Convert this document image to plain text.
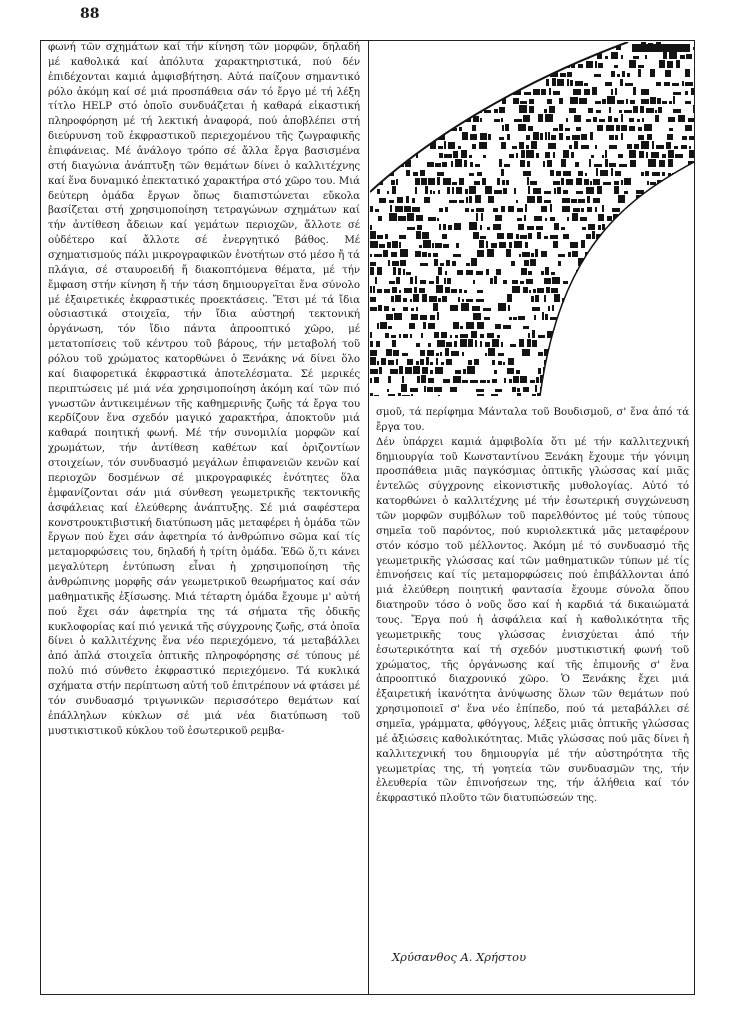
88

φωνή τῶν σχημάτων καί τήν κίνηση τῶν μορφῶν, δηλαδή μέ καθολικά καί ἀπόλυτα χαρακτηριστικά, πού δέν ἐπιδέχονται καμιά ἀμφισβήτηση. Αὐτά παίζουν σημαντικό ρόλο ἀκόμη καί σέ μιά προσπάθεια σάν τό ἔργο μέ τή λέξη τίτλο HELP στό ὁποῖο συνδυάζεται ἡ καθαρά εἰκαστική πληροφόρηση μέ τή λεκτική ἀναφορά, πού ἀποβλέπει στή διεύρυνση τοῦ ἐκφραστικοῦ περιεχομένου τῆς ζωγραφικῆς ἐπιφάνειας. Μέ ἀνάλογο τρόπο σέ ἄλλα ἔργα βασισμένα στή διαγώνια ἀνάπτυξη τῶν θεμάτων δίνει ὁ καλλιτέχνης καί ἕνα δυναμικό ἐπεκτατικό χαρακτήρα στό χῶρο του. Μιά δεύτερη ὁμάδα ἔργων ὅπως διαπιστώνεται εὔκολα βασίζεται στή χρησιμοποίηση τετραγώνων σχημάτων καί τήν ἀντίθεση ἄδειων καί γεμάτων περιοχῶν, ἄλλοτε σέ οὐδέτερο καί ἄλλοτε σέ ἐνεργητικό βάθος. Μέ σχηματισμούς πάλι μικρογραφικῶν ἑνοτήτων στό μέσο ἤ τά πλάγια, σέ σταυροειδή ἤ διακοπτόμενα θέματα, μέ τήν ἔμφαση στήν κίνηση ἤ τήν τάση δημιουργεῖται ἕνα σύνολο μέ ἐξαιρετικές ἐκφραστικές προεκτάσεις. Ἔτσι μέ τά ἴδια οὐσιαστικά στοιχεῖα, τήν ἴδια αὐστηρή τεκτονική ὀργάνωση, τόν ἴδιο πάντα ἀπροοπτικό χῶρο, μέ μετατοπίσεις τοῦ κέντρου τοῦ βάρους, τήν μεταβολή τοῦ ρόλου τοῦ χρώματος κατορθώνει ὁ Ξενάκης νά δίνει ὅλο καί διαφορετικά ἐκφραστικά ἀποτελέσματα. Σέ μερικές περιπτώσεις μέ μιά νέα χρησιμοποίηση ἀκόμη καί τῶν πιό γνωστῶν ἀντικειμένων τῆς καθημερινῆς ζωῆς τά ἔργα του κερδίζουν ἕνα σχεδόν μαγικό χαρακτήρα, ἀποκτοῦν μιά καθαρά ποιητική φωνή. Μέ τήν συνομιλία μορφῶν καί χρωμάτων, τήν ἀντίθεση καθέτων καί ὁριζοντίων στοιχείων, τόν συνδυασμό μεγάλων ἐπιφανειῶν κενῶν καί περιοχῶν δοσμένων σέ μικρογραφικές ἑνότητες ὅλα ἐμφανίζονται σάν μιά σύνθεση γεωμετρικῆς τεκτονικῆς ἀσφάλειας καί ἐλεύθερης ἀνάπτυξης. Σέ μιά σαφέστερα κονστρουκτιβιστική διατύπωση μᾶς μεταφέρει ἡ ὁμάδα τῶν ἔργων πού ἔχει σάν ἀφετηρία τό ἀνθρώπινο σῶμα καί τίς μεταμορφώσεις του, δηλαδή ἡ τρίτη ὁμάδα. Ἐδῶ ὅ,τι κάνει μεγαλύτερη ἐντύπωση εἶναι ἡ χρησιμοποίηση τῆς ἀνθρώπινης μορφῆς σάν γεωμετρικοῦ θεωρήματος καί σάν μαθηματικῆς ἐξίσωσης. Μιά τέταρτη ὁμάδα ἔχουμε μ' αὐτή πού ἔχει σάν ἀφετηρία της τά σήματα τῆς ὁδικῆς κυκλοφορίας καί πιό γενικά τῆς σύγχρονης ζωῆς, στά ὁποῖα δίνει ὁ καλλιτέχνης ἕνα νέο περιεχόμενο, τά μεταβάλλει ἀπό ἁπλά στοιχεῖα ὀπτικῆς πληροφόρησης σέ τύπους μέ πολύ πιό σύνθετο ἐκφραστικό περιεχόμενο. Τά κυκλικά σχήματα στήν περίπτωση αὐτή τοῦ ἐπιτρέπουν νά φτάσει μέ τόν συνδυασμό τριγωνικῶν περισσότερο θεμάτων καί ἐπάλληλων κύκλων σέ μιά νέα διατύπωση τοῦ μυστικιστικοῦ κύκλου τοῦ ἐσωτερικοῦ ρεμβα-

σμοῦ, τά περίφημα Μάνταλα τοῦ Βουδισμοῦ, σ' ἕνα ἀπό τά ἔργα του.

Δέν ὑπάρχει καμιά ἀμφιβολία ὅτι μέ τήν καλλιτεχνική δημιουργία τοῦ Κωνσταντίνου Ξενάκη ἔχουμε τήν γόνιμη προσπάθεια μιᾶς παγκόσμιας ὀπτικῆς γλώσσας καί μιᾶς ἐντελῶς σύγχρονης εἰκονιστικῆς μυθολογίας. Αὐτό τό κατορθώνει ὁ καλλιτέχνης μέ τήν ἐσωτερική συγχώνευση τῶν μορφῶν συμβόλων τοῦ παρελθόντος μέ τούς τύπους σημεῖα τοῦ παρόντος, πού κυριολεκτικά μᾶς μεταφέρουν στόν κόσμο τοῦ μέλλοντος. Ἀκόμη μέ τό συνδυασμό τῆς γεωμετρικῆς γλώσσας καί τῶν μαθηματικῶν τύπων μέ τίς ἐπινοήσεις καί τίς μεταμορφώσεις πού ἐπιβάλλονται ἀπό μιά ἐλεύθερη ποιητική φαντασία ἔχουμε σύνολα ὅπου διατηροῦν τόσο ὁ νοῦς ὅσο καί ἡ καρδιά τά δικαιώματά τους. Ἔργα πού ἡ ἀσφάλεια καί ἡ καθολικότητα τῆς γεωμετρικῆς τους γλώσσας ἐνισχύεται ἀπό τήν ἐσωτερικότητα καί τή σχεδόν μυστικιστική φωνή τοῦ χρώματος, τῆς ὀργάνωσης καί τῆς ἐπιμονῆς σ' ἕνα ἀπροοπτικό διαχρονικό χῶρο. Ὁ Ξενάκης ἔχει μιά ἐξαιρετική ἱκανότητα ἀνύψωσης ὅλων τῶν θεμάτων πού χρησιμοποιεῖ σ' ἕνα νέο ἐπίπεδο, πού τά μεταβάλλει σέ σημεῖα, γράμματα, φθόγγους, λέξεις μιᾶς ὀπτικῆς γλώσσας μέ ἀξιώσεις καθολικότητας. Μιᾶς γλώσσας πού μᾶς δίνει ἡ καλλιτεχνική του δημιουργία μέ τήν αὐστηρότητα τῆς γεωμετρίας της, τή γοητεία τῶν συνδυασμῶν της, τήν ἐλευθερία τῶν ἐπινοήσεων της, τήν ἀλήθεια καί τόν ἐκφραστικό πλοῦτο τῶν διατυπώσεών της.

Χρύσανθος Α. Χρήστου
